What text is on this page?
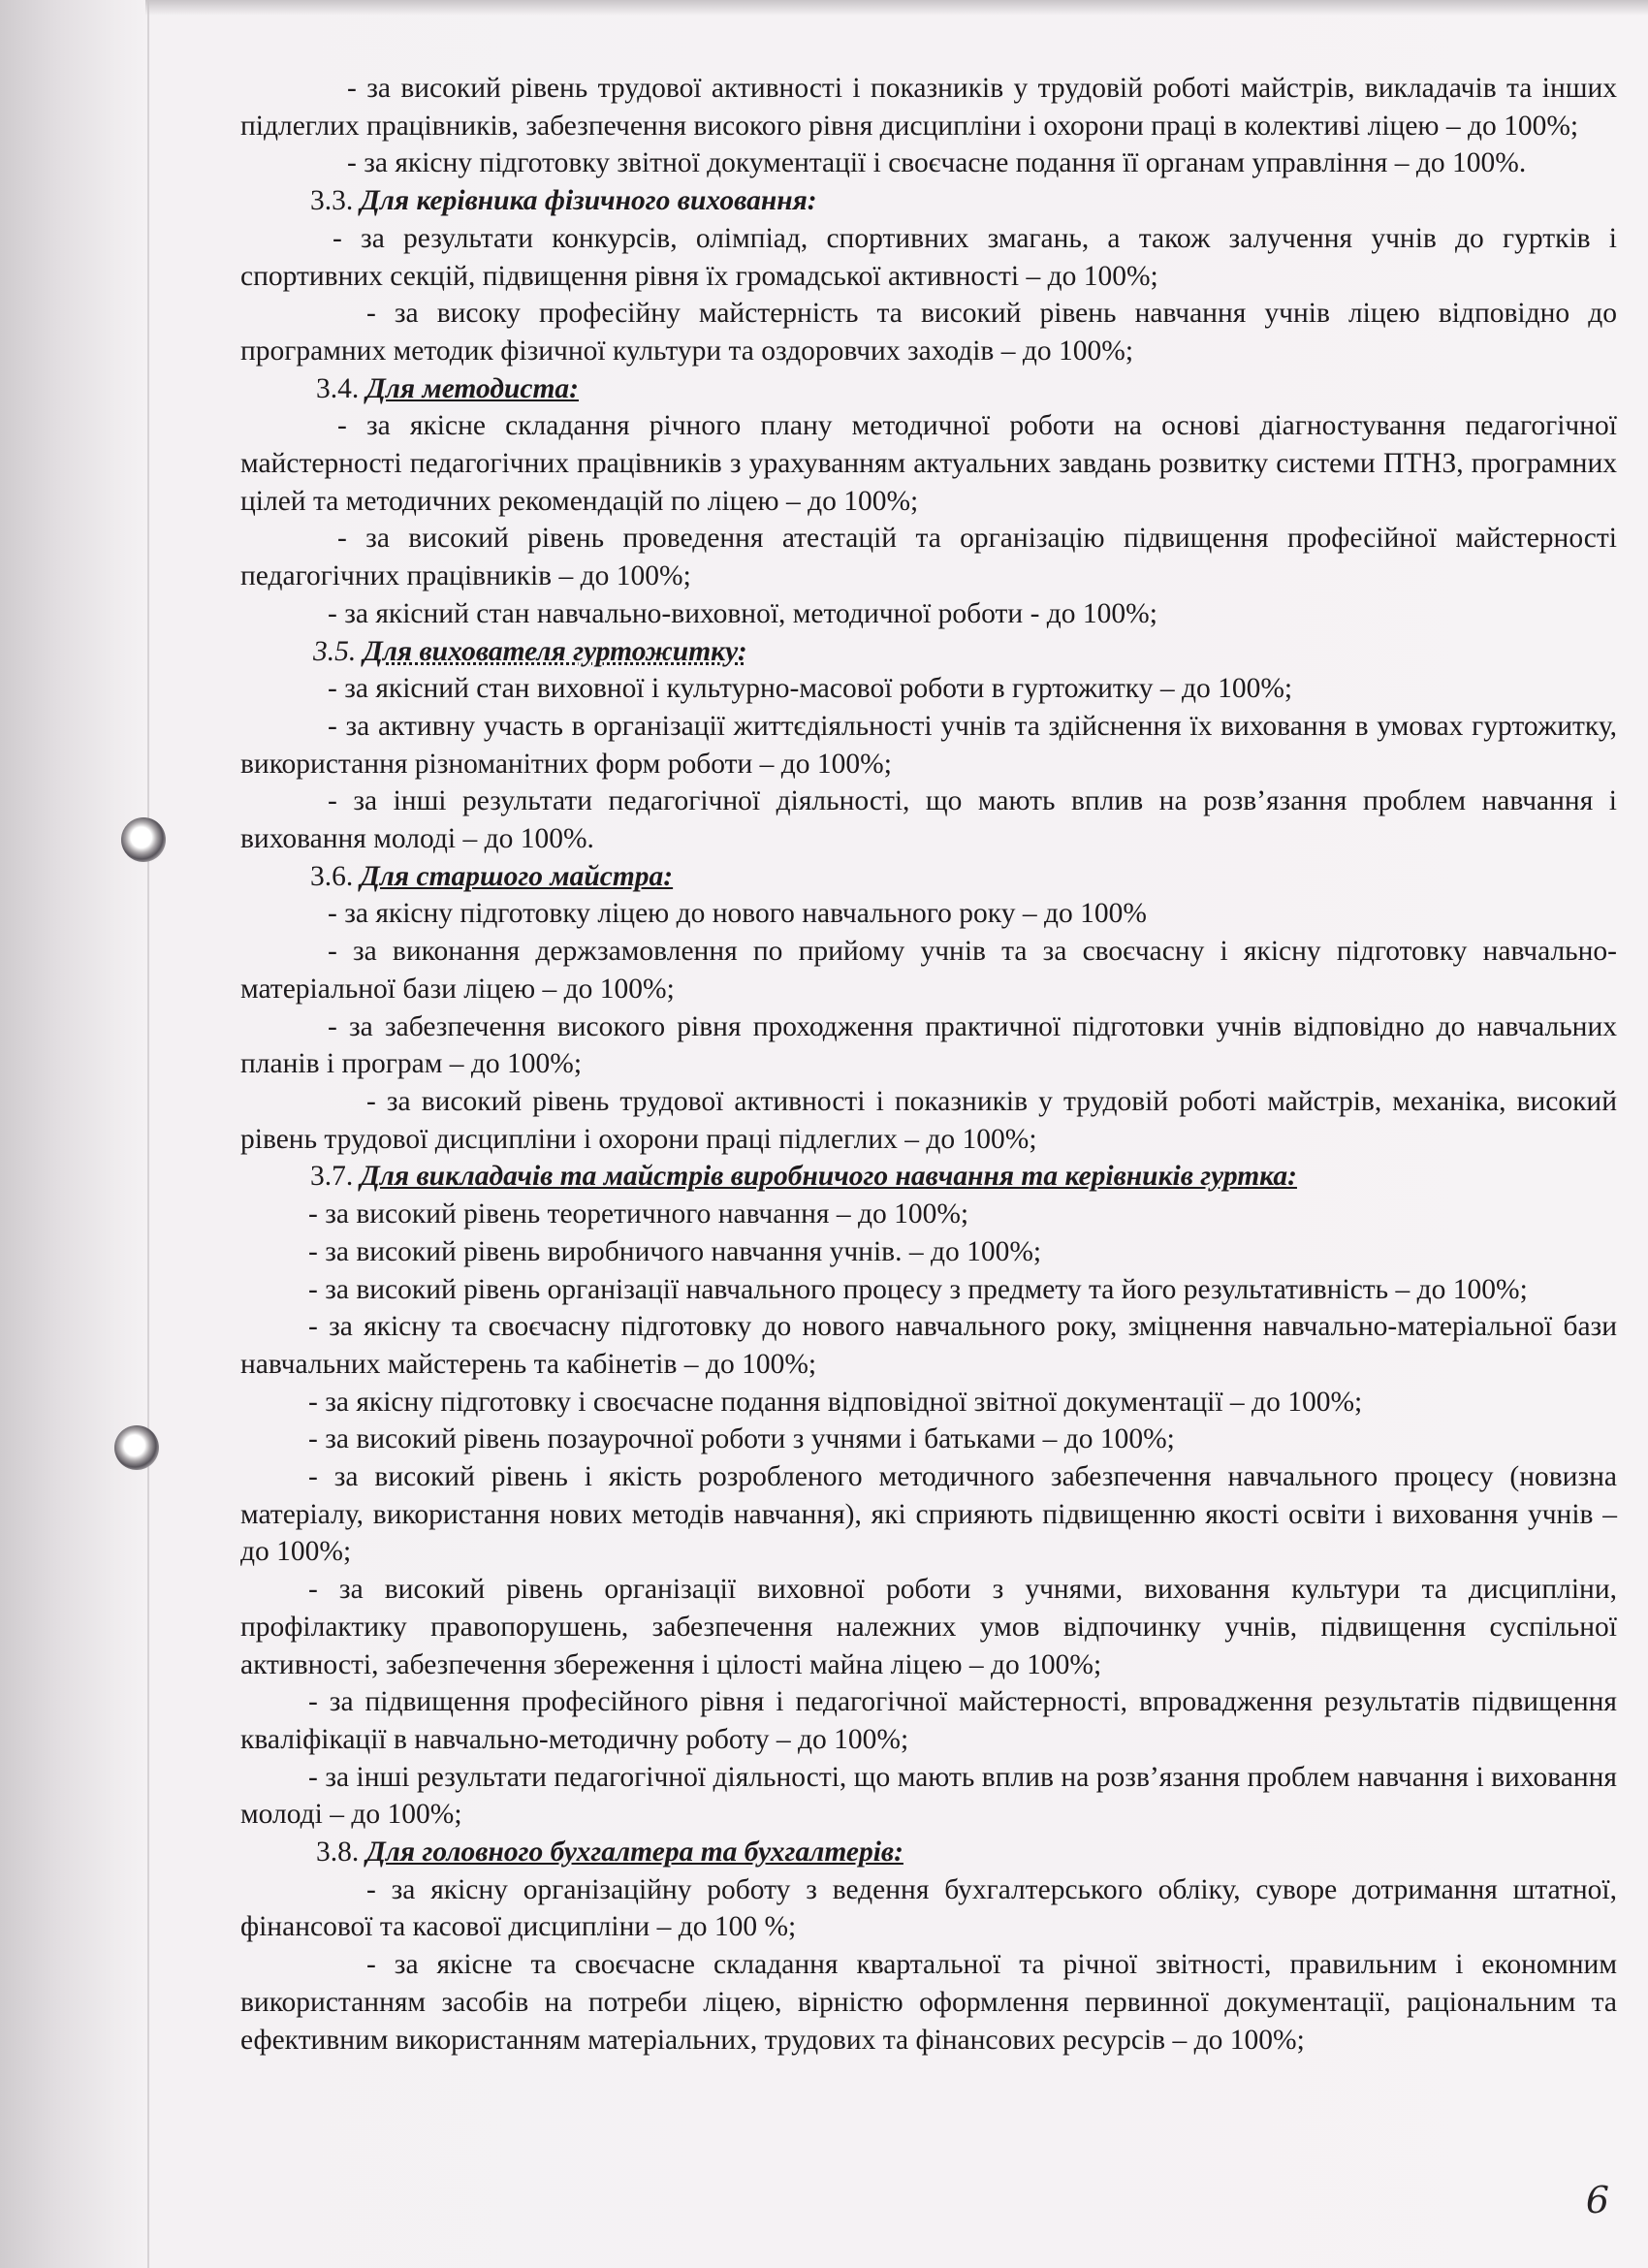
- за високий рівень трудової активності і показників у трудовій роботі майстрів, викладачів та інших підлеглих працівників, забезпечення високого рівня дисципліни і охорони праці в колективі ліцею – до 100%;

- за якісну підготовку звітної документації і своєчасне подання її органам управління – до 100%.

3.3. Для керівника фізичного виховання:

- за результати конкурсів, олімпіад, спортивних змагань, а також залучення учнів до гуртків і спортивних секцій, підвищення рівня їх громадської активності – до 100%;

- за високу професійну майстерність та високий рівень навчання учнів ліцею відповідно до програмних методик фізичної культури та оздоровчих заходів – до 100%;

3.4. Для методиста:

- за якісне складання річного плану методичної роботи на основі діагностування педагогічної майстерності педагогічних працівників з урахуванням актуальних завдань розвитку системи ПТНЗ, програмних цілей та методичних рекомендацій по ліцею – до 100%;

- за високий рівень проведення атестацій та організацію підвищення професійної майстерності педагогічних працівників – до 100%;

- за якісний стан навчально-виховної, методичної роботи - до 100%;

3.5. Для вихователя гуртожитку:

- за якісний стан виховної і культурно-масової роботи в гуртожитку – до 100%;

- за активну участь в організації життєдіяльності учнів та здійснення їх виховання в умовах гуртожитку, використання різноманітних форм роботи – до 100%;

- за інші результати педагогічної діяльності, що мають вплив на розв’язання проблем навчання і виховання молоді – до 100%.

3.6. Для старшого майстра:

- за якісну підготовку ліцею до нового навчального року – до 100%

- за виконання держзамовлення по прийому учнів та за своєчасну і якісну підготовку навчально-матеріальної бази ліцею – до 100%;

- за забезпечення високого рівня проходження практичної підготовки учнів відповідно до навчальних планів і програм – до 100%;

- за високий рівень трудової активності і показників у трудовій роботі майстрів, механіка, високий рівень трудової дисципліни і охорони праці підлеглих – до 100%;

3.7. Для викладачів та майстрів виробничого навчання та керівників гуртка:

- за високий рівень теоретичного навчання – до 100%;

- за високий рівень виробничого навчання учнів. – до 100%;

- за високий рівень організації навчального процесу з предмету та його результативність – до 100%;

- за якісну та своєчасну підготовку до нового навчального року, зміцнення навчально-матеріальної бази навчальних майстерень та кабінетів – до 100%;

- за якісну підготовку і своєчасне подання відповідної звітної документації – до 100%;

- за високий рівень позаурочної роботи з учнями і батьками – до 100%;

- за високий рівень і якість розробленого методичного забезпечення навчального процесу (новизна матеріалу, використання нових методів навчання), які сприяють підвищенню якості освіти і виховання учнів – до 100%;

- за високий рівень організації виховної роботи з учнями, виховання культури та дисципліни, профілактику правопорушень, забезпечення належних умов відпочинку учнів, підвищення суспільної активності, забезпечення збереження і цілості майна ліцею – до 100%;

- за підвищення професійного рівня і педагогічної майстерності, впровадження результатів підвищення кваліфікації в навчально-методичну роботу – до 100%;

- за інші результати педагогічної діяльності, що мають вплив на розв’язання проблем навчання і виховання молоді – до 100%;

3.8. Для головного бухгалтера та бухгалтерів:

- за якісну організаційну роботу з ведення бухгалтерського обліку, суворе дотримання штатної, фінансової та касової дисципліни – до 100 %;

- за якісне та своєчасне складання квартальної та річної звітності, правильним і економним використанням засобів на потреби ліцею, вірністю оформлення первинної документації, раціональним та ефективним використанням матеріальних, трудових та фінансових ресурсів – до 100%;

6
